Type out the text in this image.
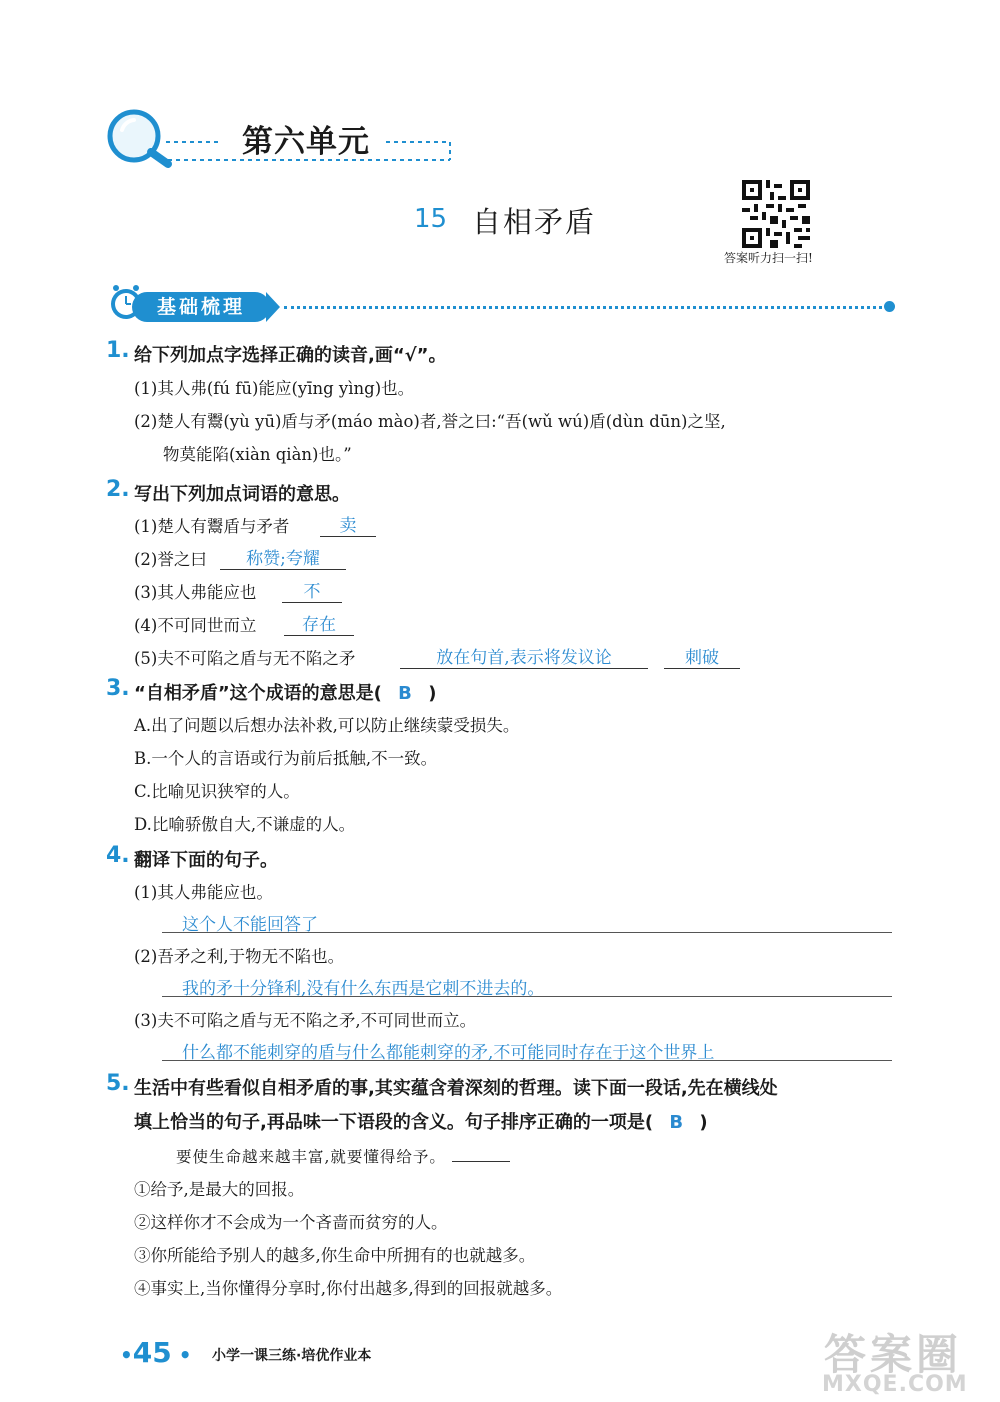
第六单元
15 自相矛盾
答案听力扫一扫!
基础梳理
1. 给下列加点字选择正确的读音,画“√”。
(1)其人弗(fú fū)能应(yīng yìng)也。
(2)楚人有鬻(yù yū)盾与矛(máo mào)者,誉之曰:“吾(wǔ wú)盾(dùn dūn)之坚,
物莫能陷(xiàn qiàn)也。”
2. 写出下列加点词语的意思。
(1)楚人有鬻盾与矛者	卖
(2)誉之曰	称赞;夸耀
(3)其人弗能应也	不
(4)不可同世而立	存在
(5)夫不可陷之盾与无不陷之矛	放在句首,表示将发议论	刺破
3. “自相矛盾”这个成语的意思是( B )
A.出了问题以后想办法补救,可以防止继续蒙受损失。
B.一个人的言语或行为前后抵触,不一致。
C.比喻见识狭窄的人。
D.比喻骄傲自大,不谦虚的人。
4. 翻译下面的句子。
(1)其人弗能应也。
这个人不能回答了
(2)吾矛之利,于物无不陷也。
我的矛十分锋利,没有什么东西是它刺不进去的。
(3)夫不可陷之盾与无不陷之矛,不可同世而立。
什么都不能刺穿的盾与什么都能刺穿的矛,不可能同时存在于这个世界上
5. 生活中有些看似自相矛盾的事,其实蕴含着深刻的哲理。读下面一段话,先在横线处
填上恰当的句子,再品味一下语段的含义。句子排序正确的一项是( B )
要使生命越来越丰富,就要懂得给予。
①给予,是最大的回报。
②这样你才不会成为一个吝啬而贫穷的人。
③你所能给予别人的越多,你生命中所拥有的也就越多。
④事实上,当你懂得分享时,你付出越多,得到的回报就越多。
•45 • 小学一课三练·培优作业本	答案圈
MXQE.COM
